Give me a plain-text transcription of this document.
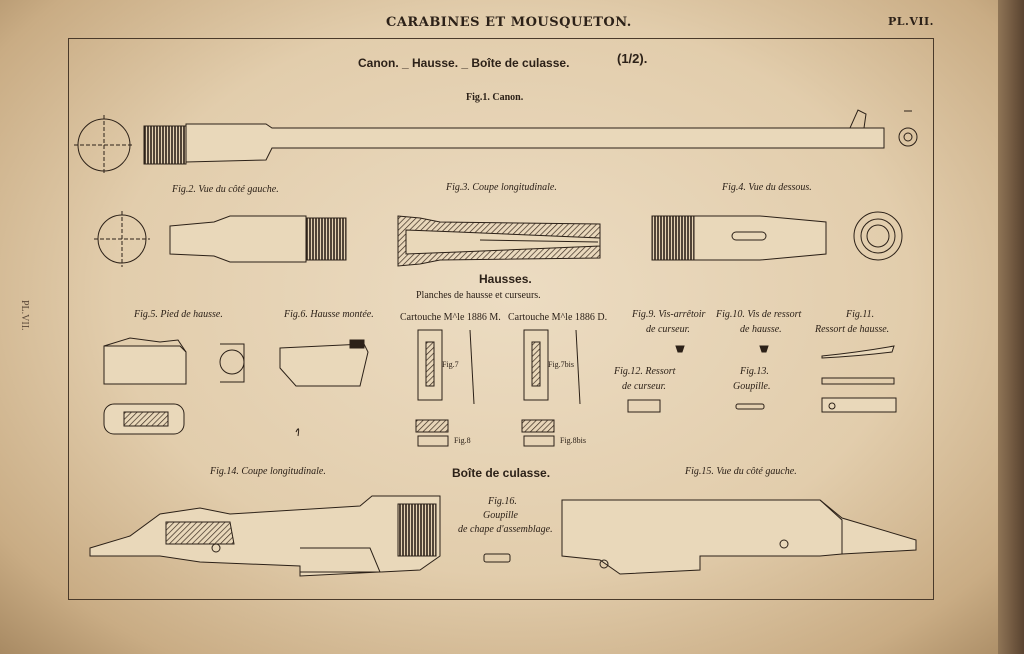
CARABINES ET MOUSQUETON.	PL.VII.
PL.VII.
Canon. _ Hausse. _ Boîte de culasse.	(1/2).
Fig.1. Canon.
Fig.2. Vue du côté gauche.	Fig.3. Coupe longitudinale.	Fig.4. Vue du dessous.
Hausses.
Planches de hausse et curseurs.
Fig.5. Pied de hausse.	Fig.6. Hausse montée.	Cartouche M^le 1886 M. Cartouche M^le 1886 D.
Fig.7	Fig.7bis
Fig.8	Fig.8bis
Fig.9. Vis-arrêtoir
de curseur.
Fig.10. Vis de ressort
de hausse.
Fig.11.
Ressort de hausse.
Fig.12. Ressort
de curseur.
Fig.13.
Goupille.
Boîte de culasse.
Fig.14. Coupe longitudinale.	Fig.15. Vue du côté gauche.
Fig.16.
Goupille
de chape d'assemblage.
